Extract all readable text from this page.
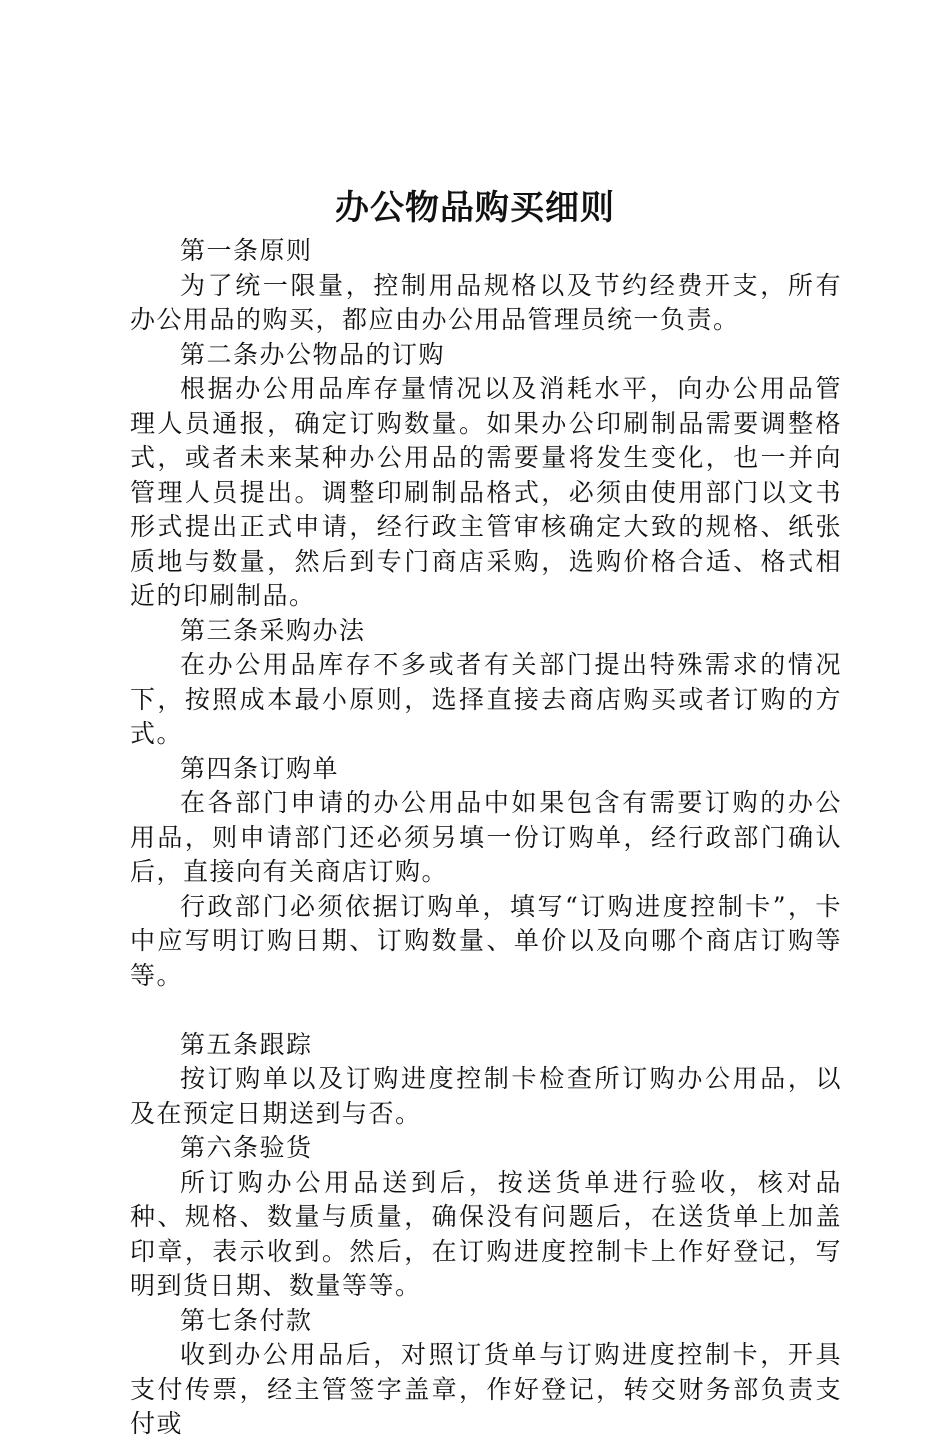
办公物品购买细则

第一条原则

为了统一限量，控制用品规格以及节约经费开支，所有办公用品的购买，都应由办公用品管理员统一负责。

第二条办公物品的订购

根据办公用品库存量情况以及消耗水平，向办公用品管理人员通报，确定订购数量。如果办公印刷制品需要调整格式，或者未来某种办公用品的需要量将发生变化，也一并向管理人员提出。调整印刷制品格式，必须由使用部门以文书形式提出正式申请，经行政主管审核确定大致的规格、纸张质地与数量，然后到专门商店采购，选购价格合适、格式相近的印刷制品。

第三条采购办法

在办公用品库存不多或者有关部门提出特殊需求的情况下，按照成本最小原则，选择直接去商店购买或者订购的方式。

第四条订购单

在各部门申请的办公用品中如果包含有需要订购的办公用品，则申请部门还必须另填一份订购单，经行政部门确认后，直接向有关商店订购。

行政部门必须依据订购单，填写“订购进度控制卡”，卡中应写明订购日期、订购数量、单价以及向哪个商店订购等等。

第五条跟踪

按订购单以及订购进度控制卡检查所订购办公用品，以及在预定日期送到与否。

第六条验货

所订购办公用品送到后，按送货单进行验收，核对品种、规格、数量与质量，确保没有问题后，在送货单上加盖印章，表示收到。然后，在订购进度控制卡上作好登记，写明到货日期、数量等等。

第七条付款

收到办公用品后，对照订货单与订购进度控制卡，开具支付传票，经主管签字盖章，作好登记，转交财务部负责支付或
